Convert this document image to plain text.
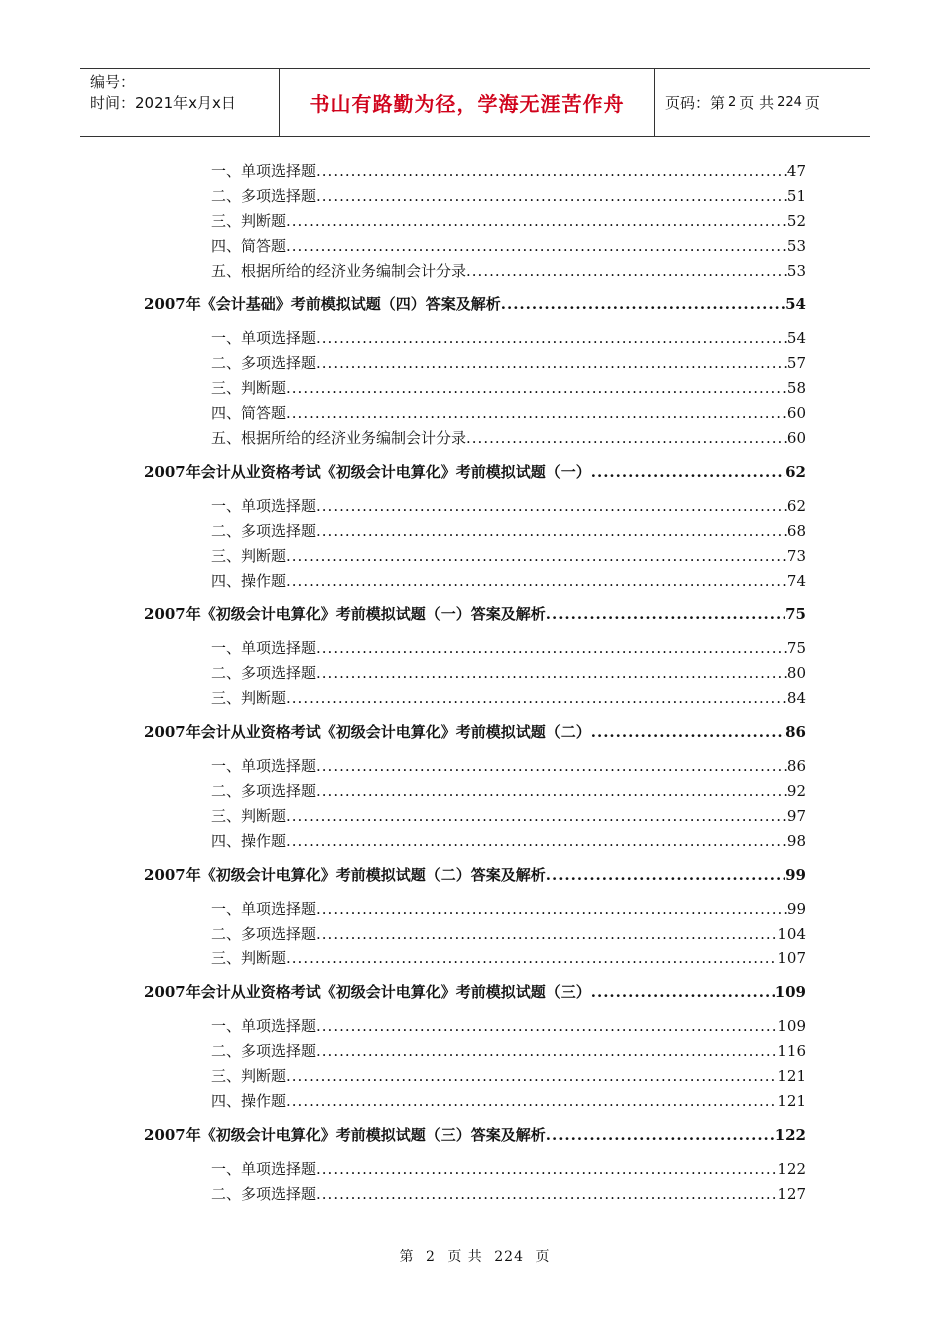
编号：
时间：2021年x月x日	书山有路勤为径，学海无涯苦作舟	页码：第 2 页 共 224 页
一、单项选择题 .....	47
二、多项选择题 .....	51
三、判断题 .....	52
四、简答题 .....	53
五、根据所给的经济业务编制会计分录 .....	53
2007年《会计基础》考前模拟试题（四）答案及解析 .....	54
一、单项选择题 .....	54
二、多项选择题 .....	57
三、判断题 .....	58
四、简答题 .....	60
五、根据所给的经济业务编制会计分录 .....	60
2007年会计从业资格考试《初级会计电算化》考前模拟试题（一） .....	62
一、单项选择题 .....	62
二、多项选择题 .....	68
三、判断题 .....	73
四、操作题 .....	74
2007年《初级会计电算化》考前模拟试题（一）答案及解析 .....	75
一、单项选择题 .....	75
二、多项选择题 .....	80
三、判断题 .....	84
2007年会计从业资格考试《初级会计电算化》考前模拟试题（二） .....	86
一、单项选择题 .....	86
二、多项选择题 .....	92
三、判断题 .....	97
四、操作题 .....	98
2007年《初级会计电算化》考前模拟试题（二）答案及解析 .....	99
一、单项选择题 .....	99
二、多项选择题 .....	104
三、判断题 .....	107
2007年会计从业资格考试《初级会计电算化》考前模拟试题（三） .....	109
一、单项选择题 .....	109
二、多项选择题 .....	116
三、判断题 .....	121
四、操作题 .....	121
2007年《初级会计电算化》考前模拟试题（三）答案及解析 .....	122
一、单项选择题 .....	122
二、多项选择题 .....	127
第 2 页 共 224 页
